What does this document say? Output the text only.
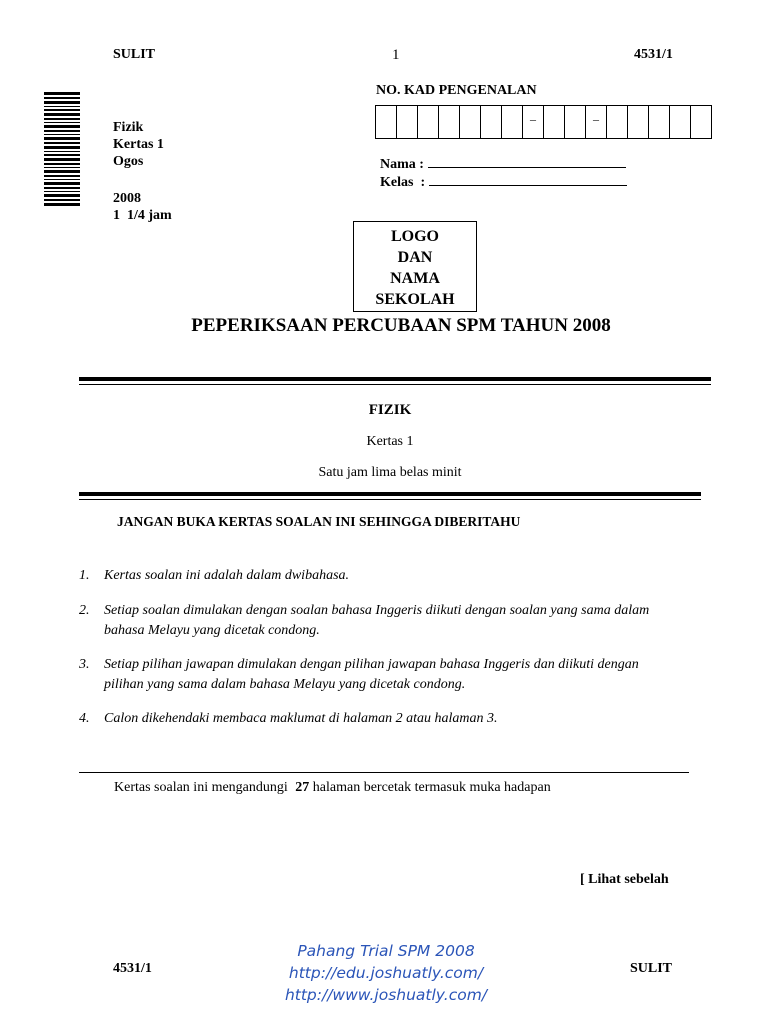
SULIT	1	4531/1
Fizik
Kertas 1
Ogos
2008
1  1/4 jam
NO. KAD PENGENALAN
–	–
Nama :
Kelas  :
LOGO
DAN
NAMA
SEKOLAH
PEPERIKSAAN PERCUBAAN SPM TAHUN 2008
FIZIK
Kertas 1
Satu jam lima belas minit
JANGAN BUKA KERTAS SOALAN INI SEHINGGA DIBERITAHU
1. Kertas soalan ini adalah dalam dwibahasa.
2. Setiap soalan dimulakan dengan soalan bahasa Inggeris diikuti dengan soalan yang sama dalam bahasa Melayu yang dicetak condong.
3. Setiap pilihan jawapan dimulakan dengan pilihan jawapan bahasa Inggeris dan diikuti dengan pilihan yang sama dalam bahasa Melayu yang dicetak condong.
4. Calon dikehendaki membaca maklumat di halaman 2 atau halaman 3.
Kertas soalan ini mengandungi 27 halaman bercetak termasuk muka hadapan
[ Lihat sebelah
4531/1	SULIT
Pahang Trial SPM 2008
http://edu.joshuatly.com/
http://www.joshuatly.com/
